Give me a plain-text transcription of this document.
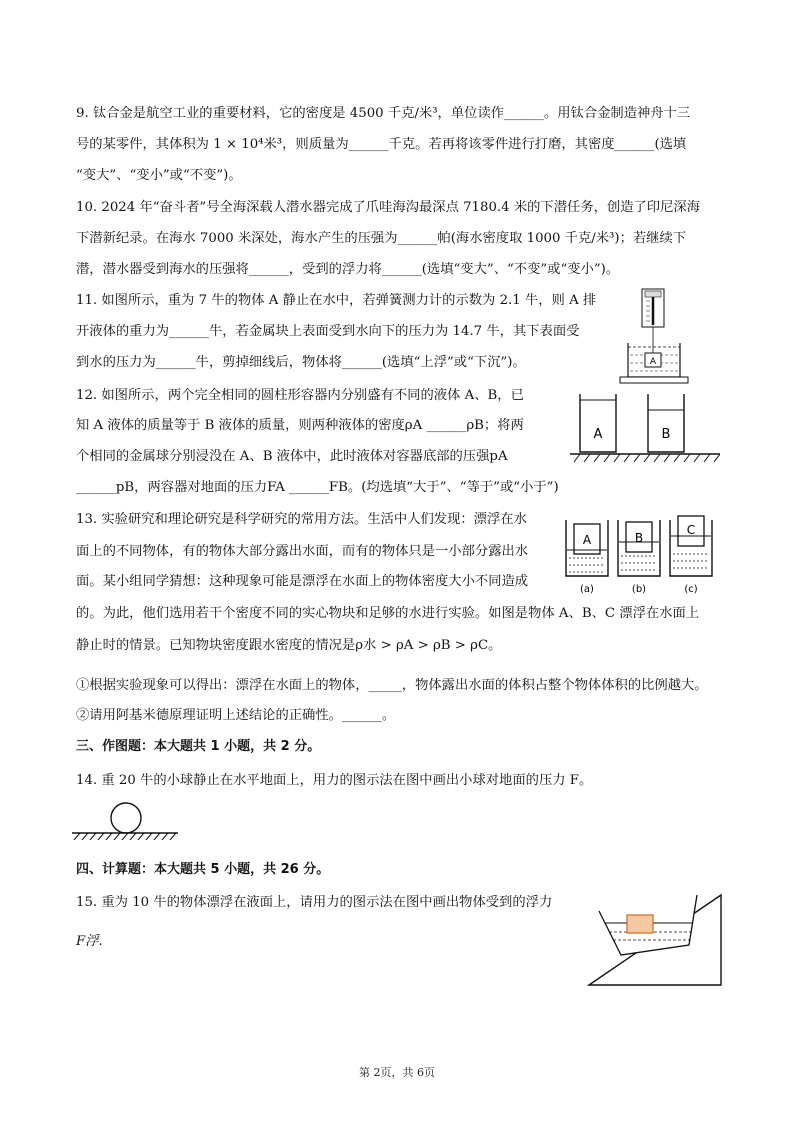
9. 钛合金是航空工业的重要材料，它的密度是 4500 千克/米³，单位读作______。用钛合金制造神舟十三
号的某零件，其体积为 1 × 10⁴米³，则质量为______千克。若再将该零件进行打磨，其密度______(选填
“变大”、“变小”或“不变”)。
10. 2024 年“奋斗者”号全海深载人潜水器完成了爪哇海沟最深点 7180.4 米的下潜任务，创造了印尼深海
下潜新纪录。在海水 7000 米深处，海水产生的压强为______帕(海水密度取 1000 千克/米³)；若继续下
潜，潜水器受到海水的压强将______，受到的浮力将______(选填“变大”、“不变”或“变小”)。
11. 如图所示，重为 7 牛的物体 A 静止在水中，若弹簧测力计的示数为 2.1 牛，则 A 排
开液体的重力为______牛，若金属块上表面受到水向下的压力为 14.7 牛，其下表面受
到水的压力为______牛，剪掉细线后，物体将______(选填“上浮”或“下沉”)。	A
12. 如图所示，两个完全相同的圆柱形容器内分别盛有不同的液体 A、B，已
知 A 液体的质量等于 B 液体的质量，则两种液体的密度ρA ______ρB；将两
个相同的金属球分别浸没在 A、B 液体中，此时液体对容器底部的压强pA
______pB，两容器对地面的压力FA ______FB。(均选填“大于”、“等于”或“小于”)
A	B
13. 实验研究和理论研究是科学研究的常用方法。生活中人们发现：漂浮在水
面上的不同物体，有的物体大部分露出水面，而有的物体只是一小部分露出水
面。某小组同学猜想：这种现象可能是漂浮在水面上的物体密度大小不同造成
的。为此，他们选用若干个密度不同的实心物块和足够的水进行实验。如图是物体 A、B、C 漂浮在水面上
静止时的情景。已知物块密度跟水密度的情况是ρ水 > ρA > ρB > ρC。
①根据实验现象可以得出：漂浮在水面上的物体，_____，物体露出水面的体积占整个物体体积的比例越大。
②请用阿基米德原理证明上述结论的正确性。______。
A	B
C
(a)	(b)	(c)
三、作图题：本大题共 1 小题，共 2 分。
14. 重 20 牛的小球静止在水平地面上，用力的图示法在图中画出小球对地面的压力 F。
四、计算题：本大题共 5 小题，共 26 分。
15. 重为 10 牛的物体漂浮在液面上，请用力的图示法在图中画出物体受到的浮力
F浮.
第 2页，共 6页
